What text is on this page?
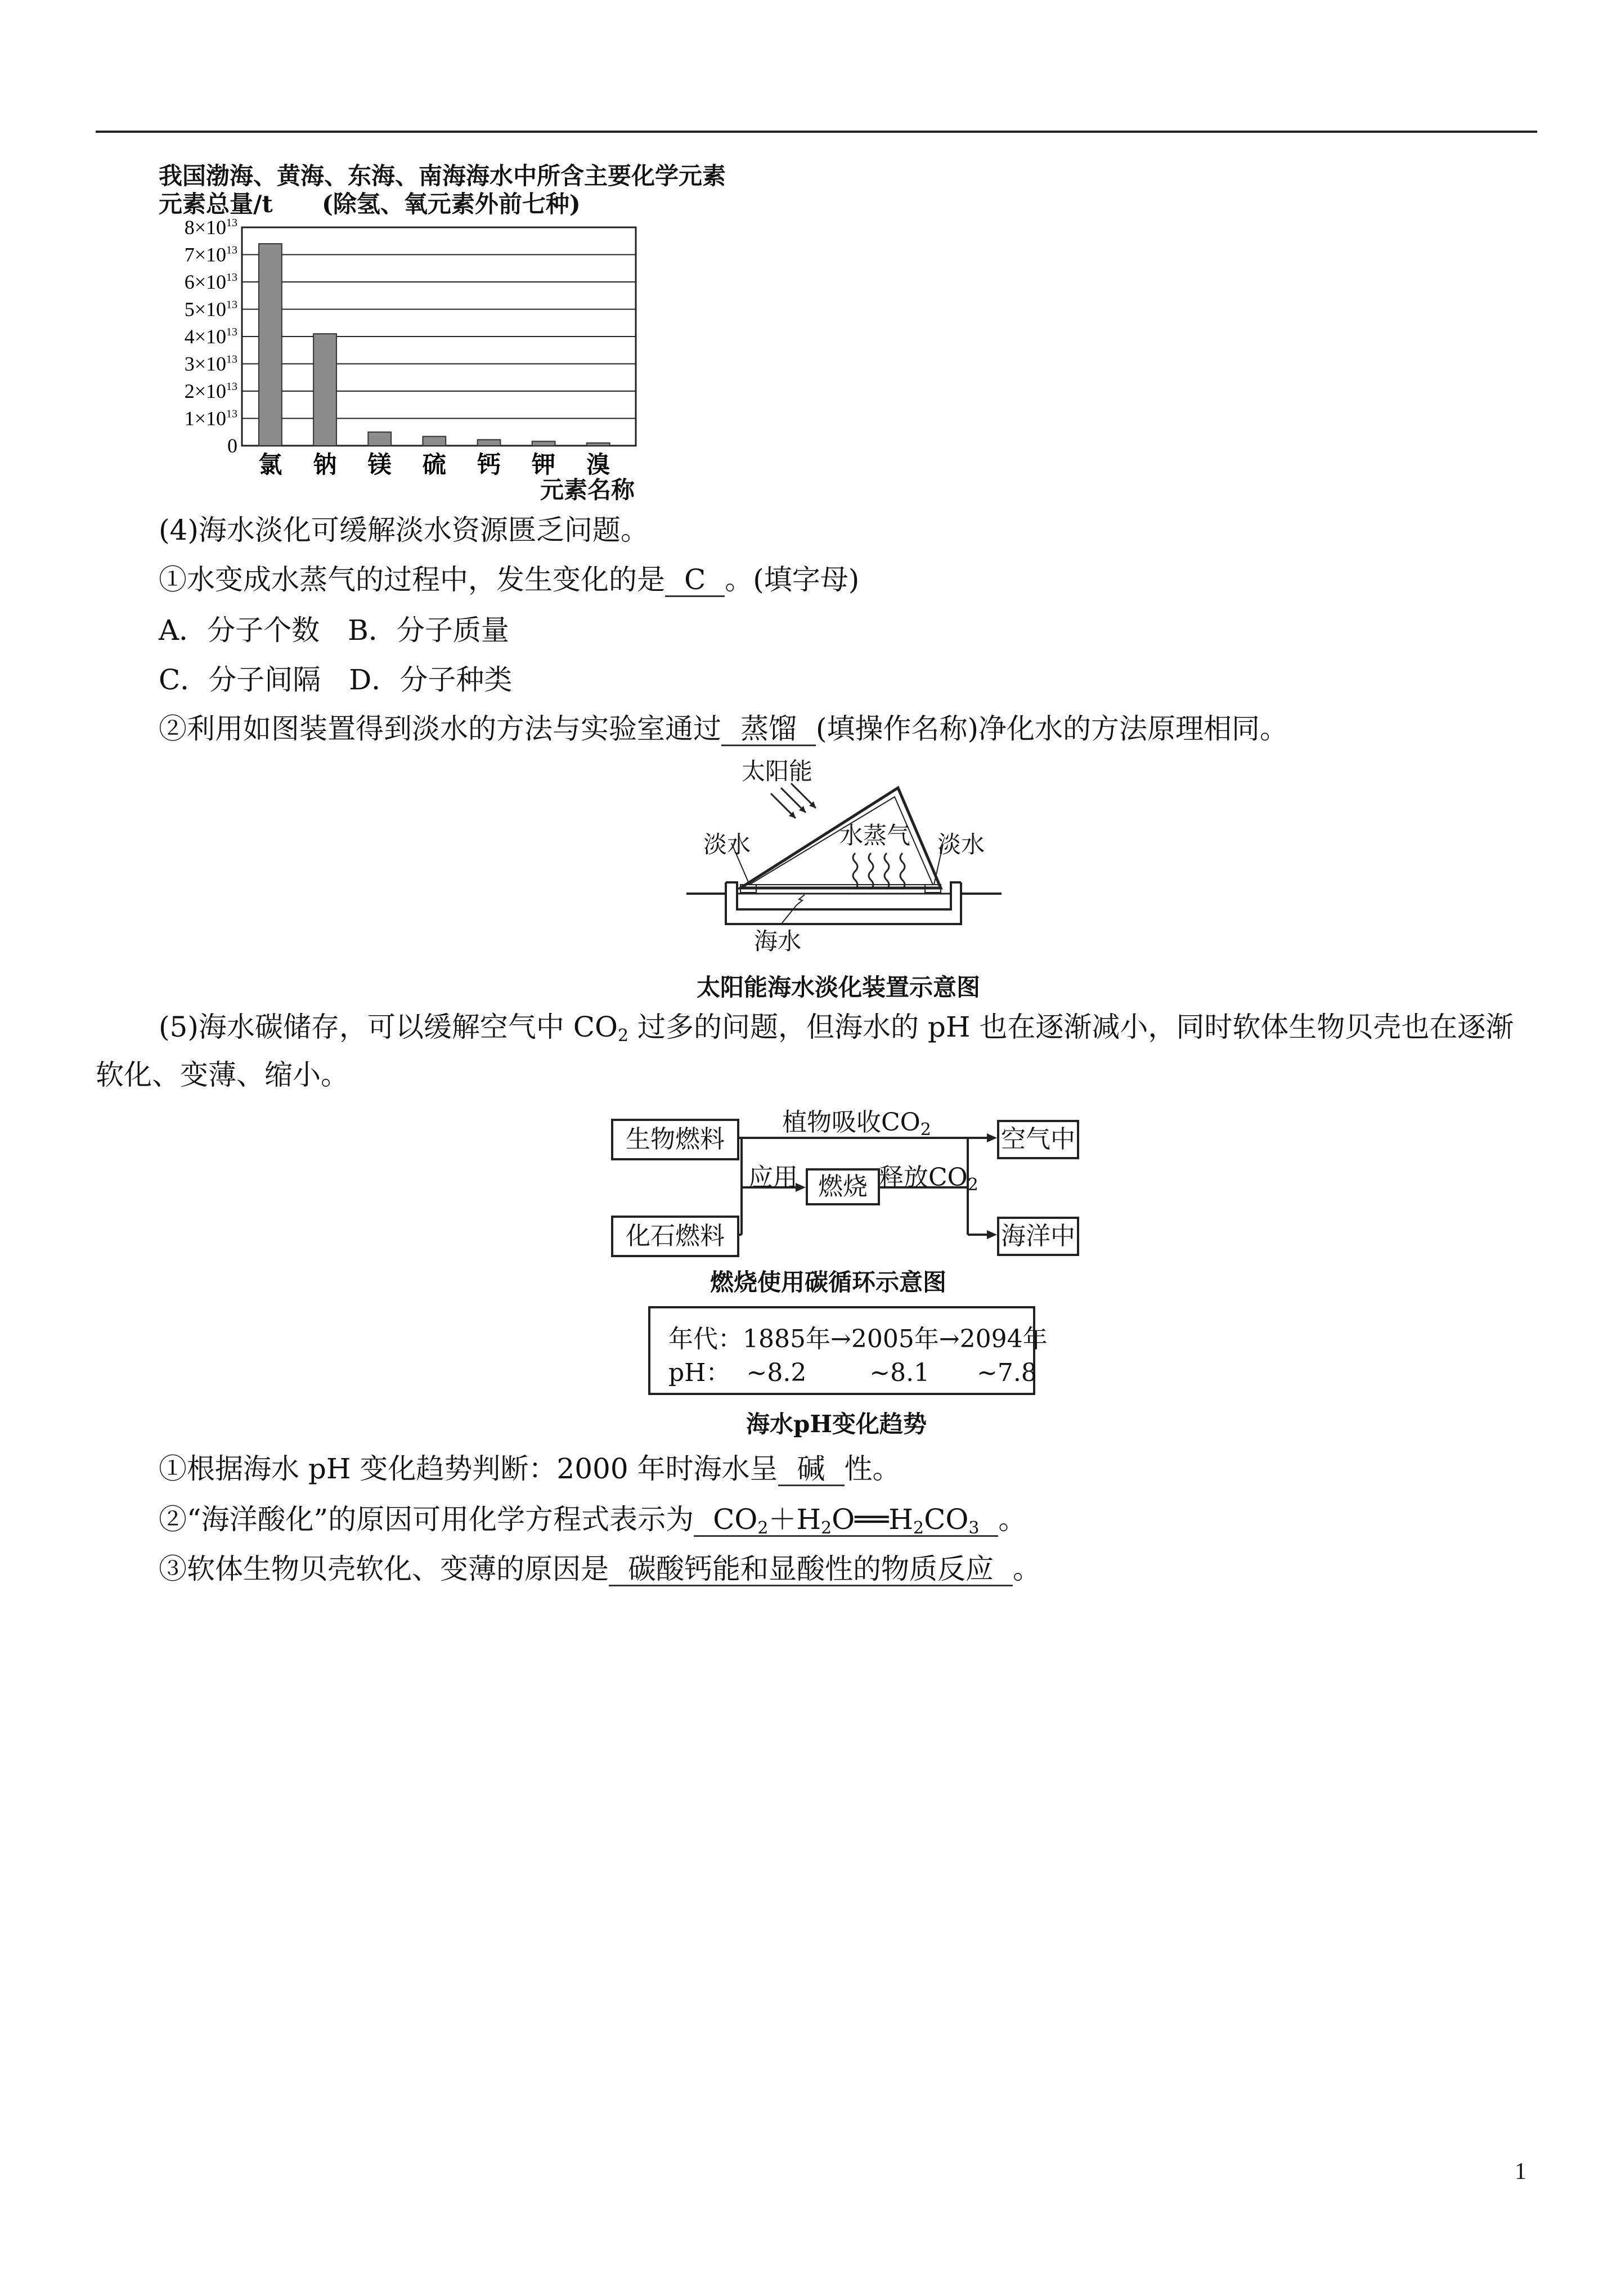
我国渤海、黄海、东海、南海海水中所含主要化学元素
元素总量/t (除氢、氧元素外前七种)
0
$1\times 10^{13}$
$2\times 10^{13}$
$3\times 10^{13}$
$4\times 10^{13}$
$5\times 10^{13}$
$6\times 10^{13}$
$7\times 10^{13}$
$8\times 10^{13}$
氯 钠 镁 硫 钙 钾 溴
元素名称
(4)海水淡化可缓解淡水资源匮乏问题。
①水变成水蒸气的过程中，发生变化的是 C 。(填字母)
A．分子个数　B．分子质量
C．分子间隔　D．分子种类
②利用如图装置得到淡水的方法与实验室通过 蒸馏 (填操作名称)净化水的方法原理相同。
太阳能
淡水	水蒸气 淡水
海水
太阳能海水淡化装置示意图
(5)海水碳储存，可以缓解空气中 $CO_2$ 过多的问题，但海水的 pH 也在逐渐减小，同时软体生物贝壳也在逐渐
软化、变薄、缩小。
生物燃料
化石燃料
燃烧
空气中
海洋中
植物吸收$CO_2$
应用	释放$CO_2$
燃烧使用碳循环示意图
年代：1885年→2005年→2094年
pH：  ~8.2        ~8.1      ~7.8
海水pH变化趋势
①根据海水 pH 变化趋势判断：2000 年时海水呈 碱 性。
②“海洋酸化”的原因可用化学方程式表示为 $CO_2+H_2O══H_2CO_3$ 。
③软体生物贝壳软化、变薄的原因是 碳酸钙能和显酸性的物质反应 。
1
